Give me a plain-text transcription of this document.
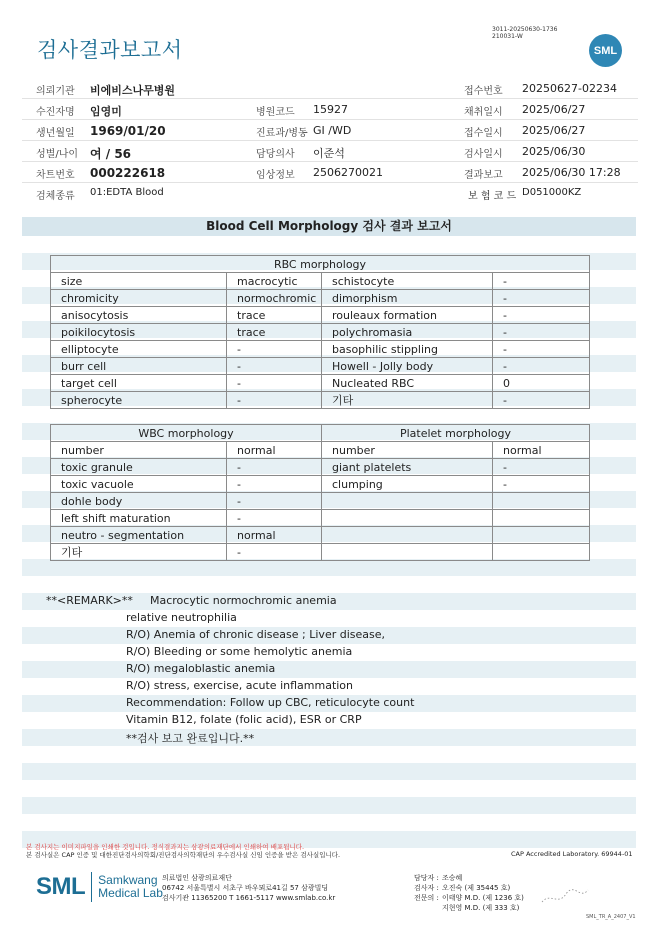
3011-20250630-1736
210031-W
검사결과보고서	SML
의뢰기관 비에비스나무병원	접수번호 20250627-02234
수진자명 임영미	병원코드 15927	채취일시 2025/06/27
생년월일 1969/01/20	진료과/병동 GI /WD	접수일시 2025/06/27
성별/나이 여 / 56	담당의사 이준석	검사일시 2025/06/30
차트번호 000222618	임상정보 2506270021	결과보고 2025/06/30 17:28
검체종류 01:EDTA Blood	보 험 코 드 D051000KZ
Blood Cell Morphology 검사 결과 보고서
RBC morphology			
size	macrocytic	schistocyte	-
chromicity	normochromic	dimorphism	-
anisocytosis	trace	rouleaux formation	-
poikilocytosis	trace	polychromasia	-
elliptocyte	-	basophilic stippling	-
burr cell	-	Howell - Jolly body	-
target cell	-	Nucleated RBC	0
spherocyte	-	기타	-
WBC morphology		Platelet morphology	
number	normal	number	normal
toxic granule	-	giant platelets	-
toxic vacuole	-	clumping	-
dohle body	-		
left shift maturation	-		
neutro - segmentation	normal		
기타	-		
**<REMARK>** Macrocytic normochromic anemia
relative neutrophilia
R/O) Anemia of chronic disease ; Liver disease,
R/O) Bleeding or some hemolytic anemia
R/O) megaloblastic anemia
R/O) stress, exercise, acute inflammation
Recommendation: Follow up CBC, reticulocyte count
Vitamin B12, folate (folic acid), ESR or CRP
**검사 보고 완료입니다.**
본 검사지는 이미지파일을 인쇄한 것입니다. 정식결과지는 삼광의료재단에서 인쇄하여 배포됩니다.
본 검사실은 CAP 인증 및 대한진단검사의학회/진단검사의학재단의 우수검사실 신임 인증을 받은 검사실입니다.	CAP Accredited Laboratory. 69944-01
SML Samkwang
Medical Lab
의료법인 삼광의료재단
06742 서울특별시 서초구 바우뫼로41길 57 삼광빌딩
검사기관 11365200 T 1661-5117 www.smlab.co.kr
담당자 : 조승혜
검사자 : 오진숙 (제 35445 호)
전문의 : 이태양 M.D. (제 1236 호)
지현영 M.D. (제 333 호)
SML_TR_A_2407_V1
